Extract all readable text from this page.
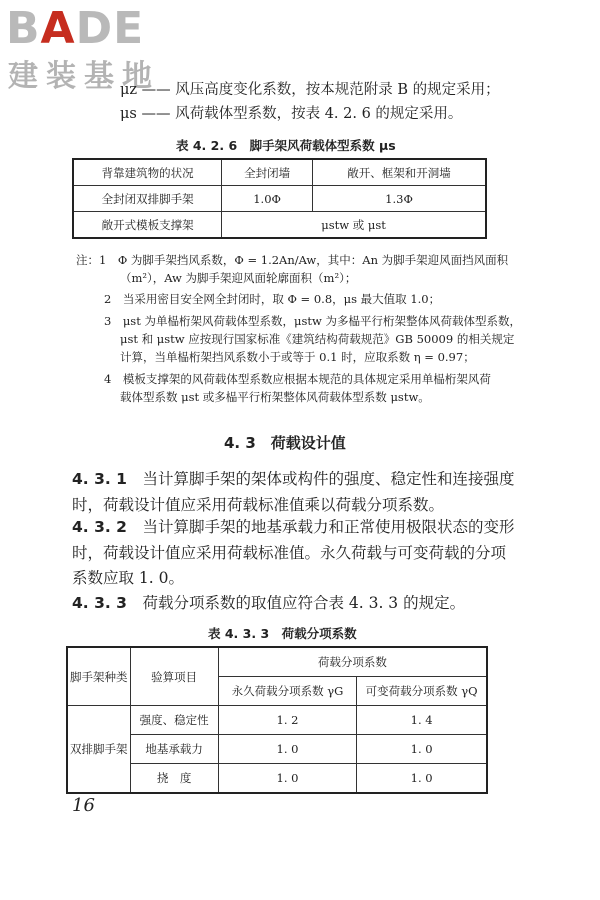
BADE
建装基地
μz —— 风压高度变化系数，按本规范附录 B 的规定采用；
μs —— 风荷载体型系数，按表 4. 2. 6 的规定采用。
表 4. 2. 6　脚手架风荷载体型系数 μs
背靠建筑物的状况	全封闭墙	敞开、框架和开洞墙
全封闭双排脚手架	1.0Φ	1.3Φ
敞开式模板支撑架	μstw 或 μst	
注：1　Φ 为脚手架挡风系数，Φ = 1.2An/Aw，其中：An 为脚手架迎风面挡风面积
（m²），Aw 为脚手架迎风面轮廓面积（m²）；
2　当采用密目安全网全封闭时，取 Φ = 0.8，μs 最大值取 1.0；
3　μst 为单榀桁架风荷载体型系数，μstw 为多榀平行桁架整体风荷载体型系数，
μst 和 μstw 应按现行国家标准《建筑结构荷载规范》GB 50009 的相关规定
计算，当单榀桁架挡风系数小于或等于 0.1 时，应取系数 η = 0.97；
4　模板支撑架的风荷载体型系数应根据本规范的具体规定采用单榀桁架风荷
载体型系数 μst 或多榀平行桁架整体风荷载体型系数 μstw。
4. 3　荷载设计值
4. 3. 1　 当计算脚手架的架体或构件的强度、稳定性和连接强度
时，荷载设计值应采用荷载标准值乘以荷载分项系数。
4. 3. 2　 当计算脚手架的地基承载力和正常使用极限状态的变形
时，荷载设计值应采用荷载标准值。永久荷载与可变荷载的分项
系数应取 1. 0。
4. 3. 3　 荷载分项系数的取值应符合表 4. 3. 3 的规定。
表 4. 3. 3　荷载分项系数
脚手架种类	验算项目	荷载分项系数	
		永久荷载分项系数 γG	可变荷载分项系数 γQ
双排脚手架	强度、稳定性	1. 2	1. 4
	地基承载力	1. 0	1. 0
	挠　度	1. 0	1. 0
16
